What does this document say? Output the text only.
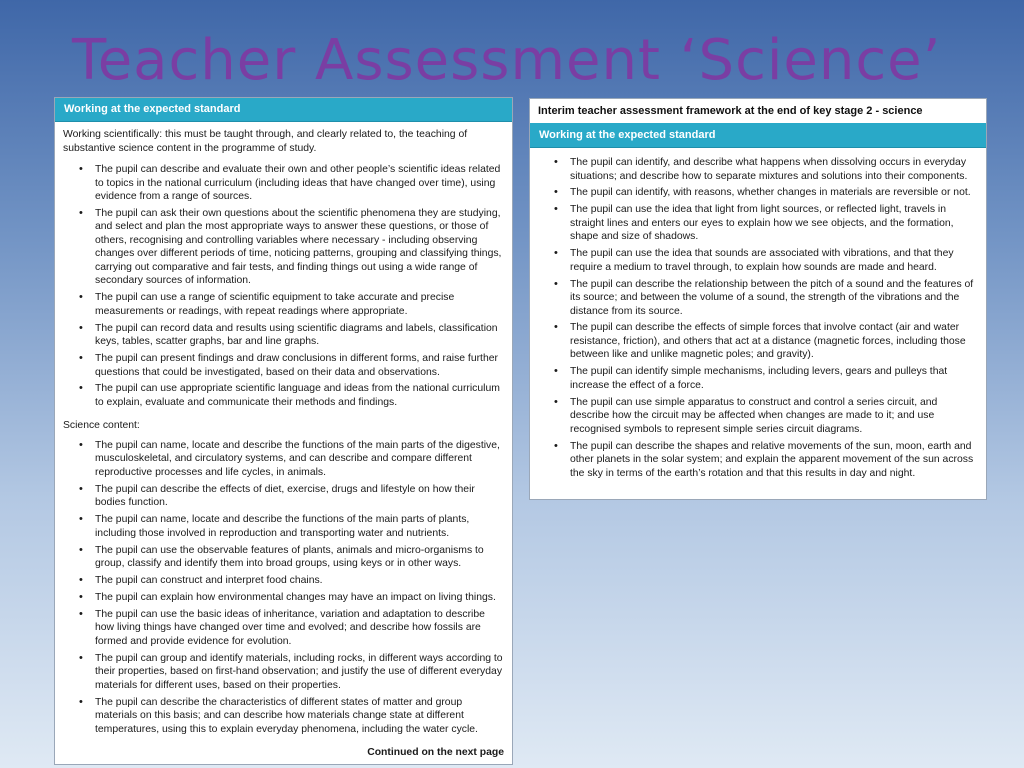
Teacher Assessment ‘Science’
Working at the expected standard

Working scientifically: this must be taught through, and clearly related to, the teaching of substantive science content in the programme of study.

• The pupil can describe and evaluate their own and other people’s scientific ideas related to topics in the national curriculum (including ideas that have changed over time), using evidence from a range of sources.
• The pupil can ask their own questions about the scientific phenomena they are studying, and select and plan the most appropriate ways to answer these questions, or those of others, recognising and controlling variables where necessary - including observing changes over different periods of time, noticing patterns, grouping and classifying things, carrying out comparative and fair tests, and finding things out using a wide range of secondary sources of information.
• The pupil can use a range of scientific equipment to take accurate and precise measurements or readings, with repeat readings where appropriate.
• The pupil can record data and results using scientific diagrams and labels, classification keys, tables, scatter graphs, bar and line graphs.
• The pupil can present findings and draw conclusions in different forms, and raise further questions that could be investigated, based on their data and observations.
• The pupil can use appropriate scientific language and ideas from the national curriculum to explain, evaluate and communicate their methods and findings.

Science content:

• The pupil can name, locate and describe the functions of the main parts of the digestive, musculoskeletal, and circulatory systems, and can describe and compare different reproductive processes and life cycles, in animals.
• The pupil can describe the effects of diet, exercise, drugs and lifestyle on how their bodies function.
• The pupil can name, locate and describe the functions of the main parts of plants, including those involved in reproduction and transporting water and nutrients.
• The pupil can use the observable features of plants, animals and micro-organisms to group, classify and identify them into broad groups, using keys or in other ways.
• The pupil can construct and interpret food chains.
• The pupil can explain how environmental changes may have an impact on living things.
• The pupil can use the basic ideas of inheritance, variation and adaptation to describe how living things have changed over time and evolved; and describe how fossils are formed and provide evidence for evolution.
• The pupil can group and identify materials, including rocks, in different ways according to their properties, based on first-hand observation; and justify the use of different everyday materials for different uses, based on their properties.
• The pupil can describe the characteristics of different states of matter and group materials on this basis; and can describe how materials change state at different temperatures, using this to explain everyday phenomena, including the water cycle.
Continued on the next page
Interim teacher assessment framework at the end of key stage 2 - science
Working at the expected standard
• The pupil can identify, and describe what happens when dissolving occurs in everyday situations; and describe how to separate mixtures and solutions into their components.
• The pupil can identify, with reasons, whether changes in materials are reversible or not.
• The pupil can use the idea that light from light sources, or reflected light, travels in straight lines and enters our eyes to explain how we see objects, and the formation, shape and size of shadows.
• The pupil can use the idea that sounds are associated with vibrations, and that they require a medium to travel through, to explain how sounds are made and heard.
• The pupil can describe the relationship between the pitch of a sound and the features of its source; and between the volume of a sound, the strength of the vibrations and the distance from its source.
• The pupil can describe the effects of simple forces that involve contact (air and water resistance, friction), and others that act at a distance (magnetic forces, including those between like and unlike magnetic poles; and gravity).
• The pupil can identify simple mechanisms, including levers, gears and pulleys that increase the effect of a force.
• The pupil can use simple apparatus to construct and control a series circuit, and describe how the circuit may be affected when changes are made to it; and use recognised symbols to represent simple series circuit diagrams.
• The pupil can describe the shapes and relative movements of the sun, moon, earth and other planets in the solar system; and explain the apparent movement of the sun across the sky in terms of the earth’s rotation and that this results in day and night.
